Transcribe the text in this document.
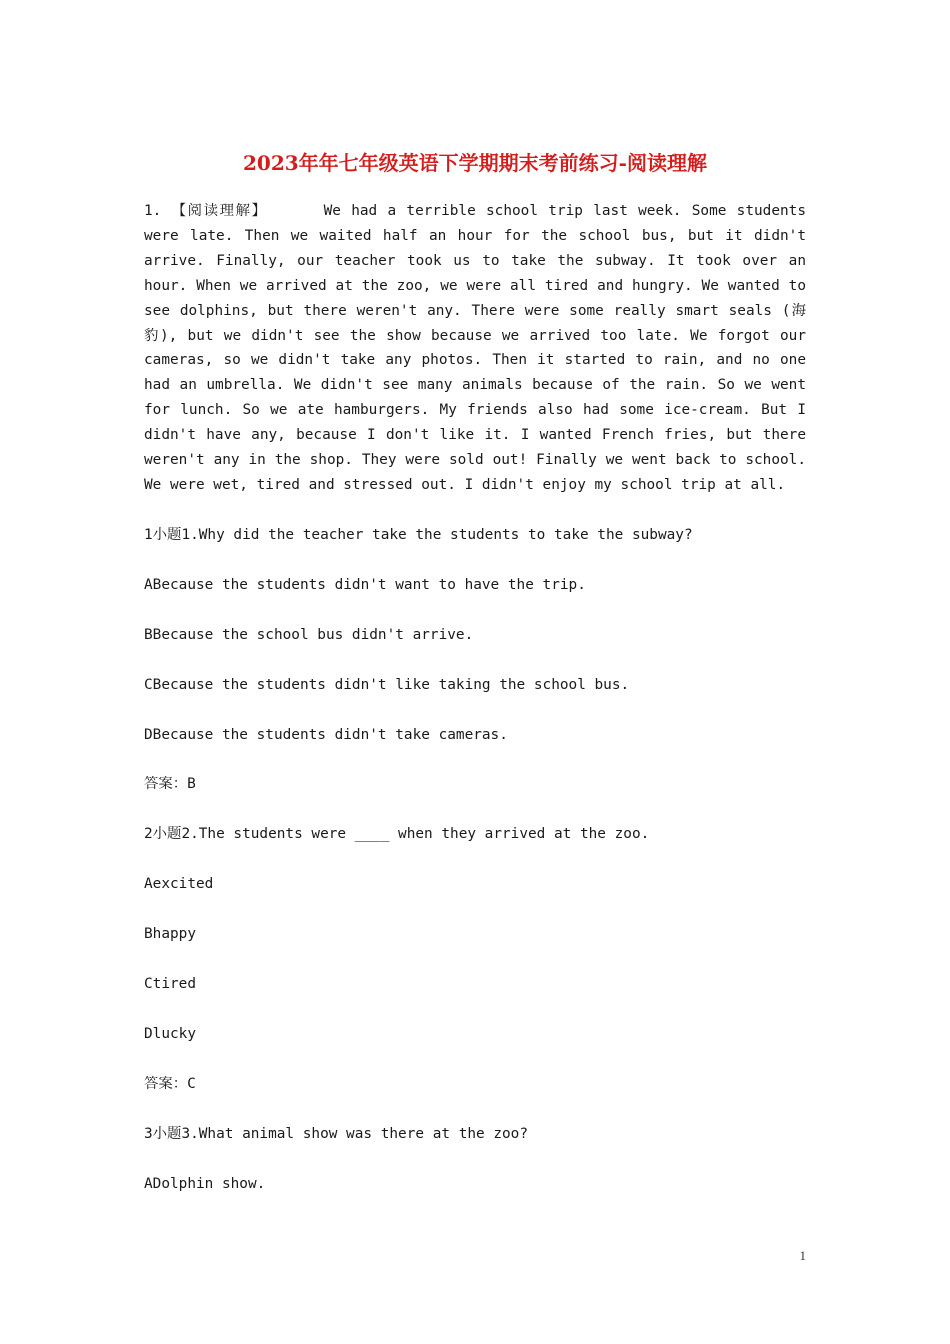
2023年年七年级英语下学期期末考前练习-阅读理解

1. 【阅读理解】	We had a terrible school trip last week. Some students were late. Then we waited half an hour for the school bus, but it didn't arrive. Finally, our teacher took us to take the subway. It took over an hour. When we arrived at the zoo, we were all tired and hungry. We wanted to see dolphins, but there weren't any. There were some really smart seals (海豹), but we didn't see the show because we arrived too late. We forgot our cameras, so we didn't take any photos. Then it started to rain, and no one had an umbrella. We didn't see many animals because of the rain. So we went for lunch. So we ate hamburgers. My friends also had some ice-cream. But I didn't have any, because I don't like it. I wanted French fries, but there weren't any in the shop. They were sold out! Finally we went back to school. We were wet, tired and stressed out. I didn't enjoy my school trip at all.

1小题1.Why did the teacher take the students to take the subway?

ABecause the students didn't want to have the trip.

BBecause the school bus didn't arrive.

CBecause the students didn't like taking the school bus.

DBecause the students didn't take cameras.

答案：B

2小题2.The students were ____ when they arrived at the zoo.

Aexcited

Bhappy

Ctired

Dlucky

答案：C

3小题3.What animal show was there at the zoo?

ADolphin show.

1
